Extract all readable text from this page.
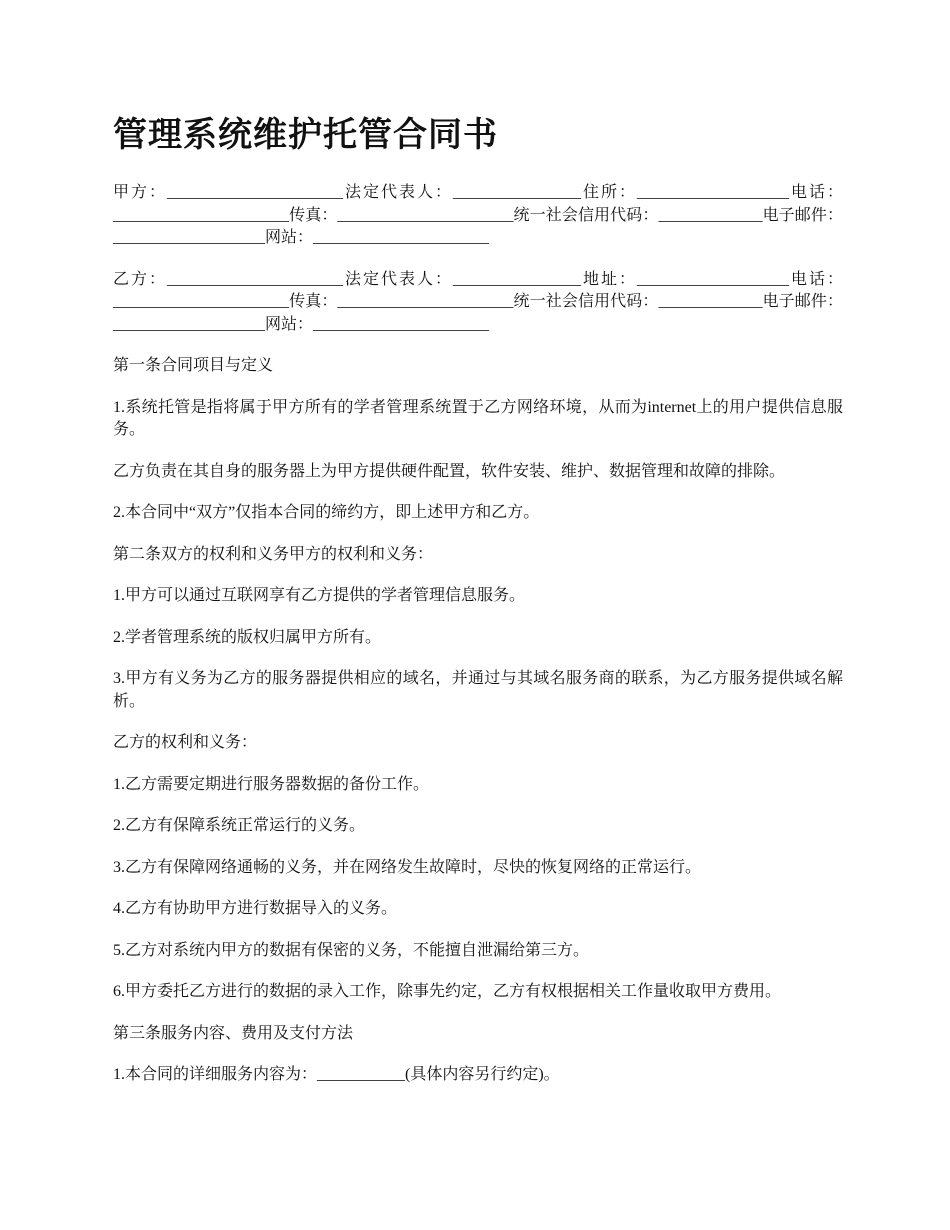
管理系统维护托管合同书

甲方：______________________法定代表人：________________住所：___________________电话：______________________传真：______________________统一社会信用代码：_____________电子邮件：___________________网站：______________________

乙方：______________________法定代表人：________________地址：___________________电话：______________________传真：______________________统一社会信用代码：_____________电子邮件：___________________网站：______________________

第一条合同项目与定义

1.系统托管是指将属于甲方所有的学者管理系统置于乙方网络环境，从而为internet上的用户提供信息服务。

乙方负责在其自身的服务器上为甲方提供硬件配置，软件安装、维护、数据管理和故障的排除。

2.本合同中“双方”仅指本合同的缔约方，即上述甲方和乙方。

第二条双方的权利和义务甲方的权利和义务：

1.甲方可以通过互联网享有乙方提供的学者管理信息服务。

2.学者管理系统的版权归属甲方所有。

3.甲方有义务为乙方的服务器提供相应的域名，并通过与其域名服务商的联系，为乙方服务提供域名解析。

乙方的权利和义务：

1.乙方需要定期进行服务器数据的备份工作。

2.乙方有保障系统正常运行的义务。

3.乙方有保障网络通畅的义务，并在网络发生故障时，尽快的恢复网络的正常运行。

4.乙方有协助甲方进行数据导入的义务。

5.乙方对系统内甲方的数据有保密的义务，不能擅自泄漏给第三方。

6.甲方委托乙方进行的数据的录入工作，除事先约定，乙方有权根据相关工作量收取甲方费用。

第三条服务内容、费用及支付方法

1.本合同的详细服务内容为：___________(具体内容另行约定)。
